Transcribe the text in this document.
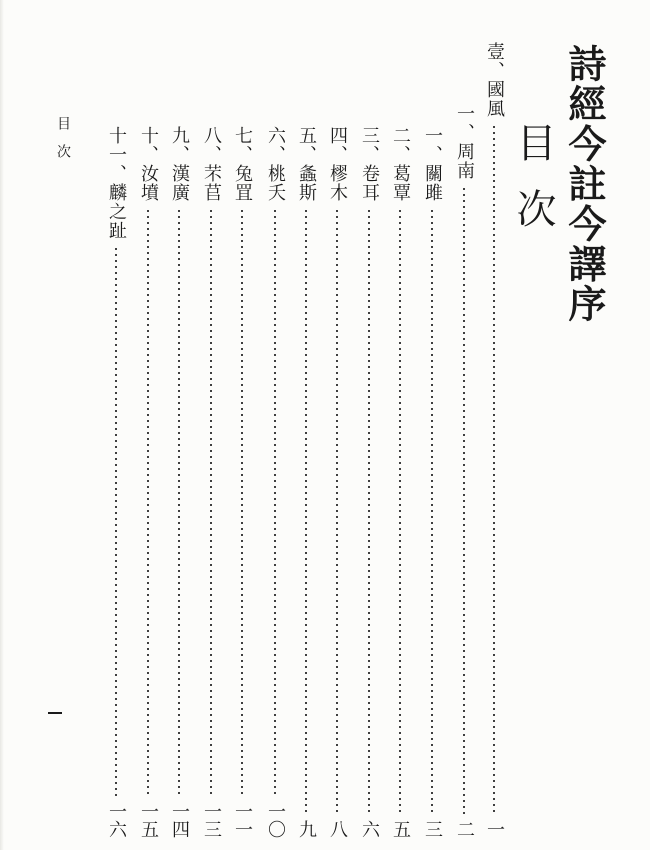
詩經今註今譯序
目次
壹、國風
一
一、周南
二
一、關雎
三
二、葛覃
五
三、卷耳
六
四、樛木
八
五、螽斯
九
六、桃夭
一〇
七、兔罝
一一
八、芣苢
一三
九、漢廣
一四
十、汝墳
一五
十一、麟之趾
一六
目次
